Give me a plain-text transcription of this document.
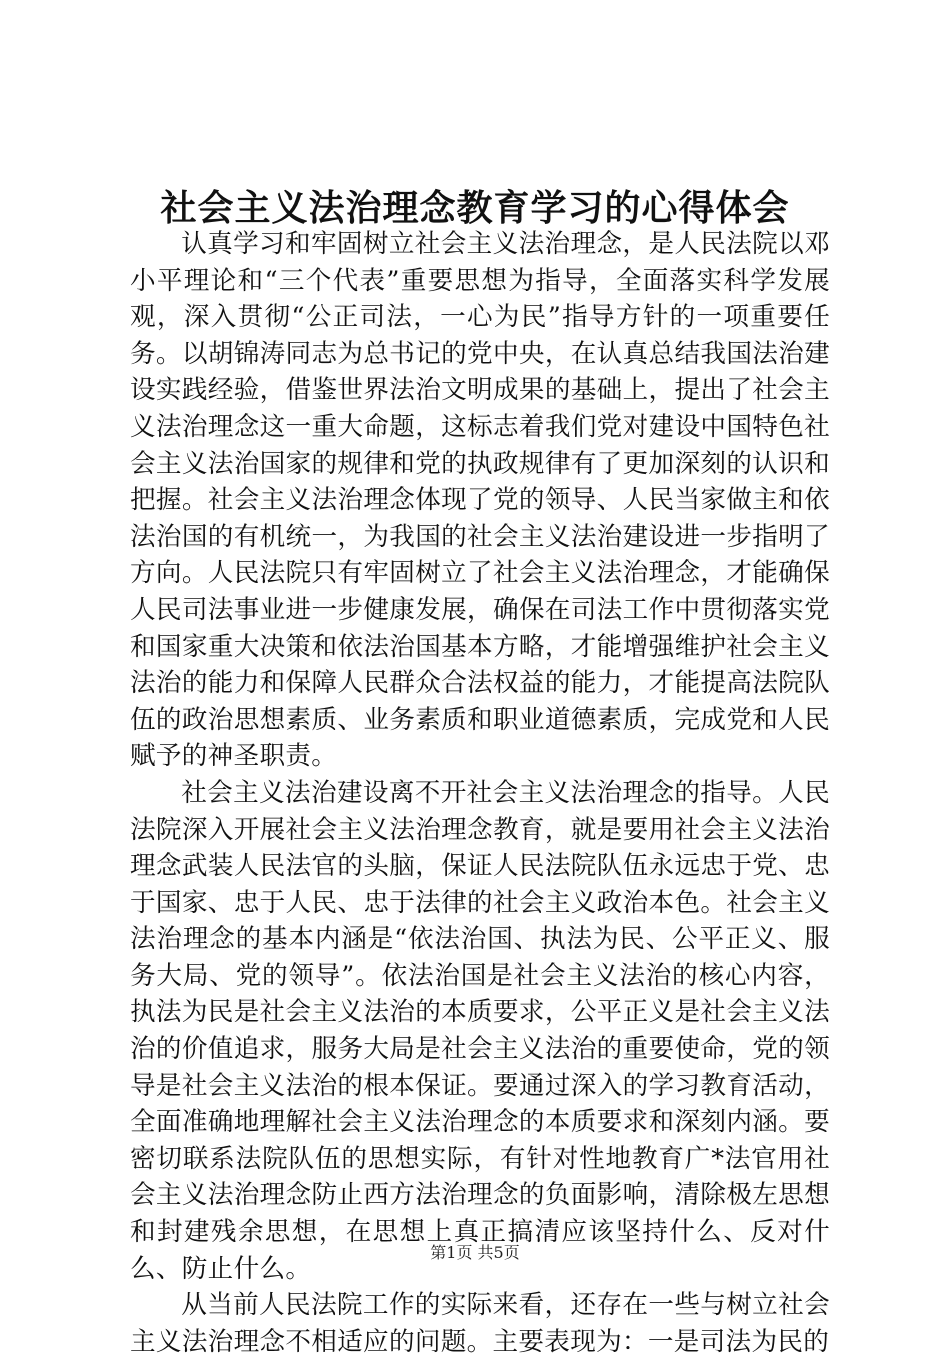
社会主义法治理念教育学习的心得体会

认真学习和牢固树立社会主义法治理念，是人民法院以邓小平理论和“三个代表”重要思想为指导，全面落实科学发展观，深入贯彻“公正司法，一心为民”指导方针的一项重要任务。以胡锦涛同志为总书记的党中央，在认真总结我国法治建设实践经验，借鉴世界法治文明成果的基础上，提出了社会主义法治理念这一重大命题，这标志着我们党对建设中国特色社会主义法治国家的规律和党的执政规律有了更加深刻的认识和把握。社会主义法治理念体现了党的领导、人民当家做主和依法治国的有机统一，为我国的社会主义法治建设进一步指明了方向。人民法院只有牢固树立了社会主义法治理念，才能确保人民司法事业进一步健康发展，确保在司法工作中贯彻落实党和国家重大决策和依法治国基本方略，才能增强维护社会主义法治的能力和保障人民群众合法权益的能力，才能提高法院队伍的政治思想素质、业务素质和职业道德素质，完成党和人民赋予的神圣职责。

社会主义法治建设离不开社会主义法治理念的指导。人民法院深入开展社会主义法治理念教育，就是要用社会主义法治理念武装人民法官的头脑，保证人民法院队伍永远忠于党、忠于国家、忠于人民、忠于法律的社会主义政治本色。社会主义法治理念的基本内涵是“依法治国、执法为民、公平正义、服务大局、党的领导”。依法治国是社会主义法治的核心内容，执法为民是社会主义法治的本质要求，公平正义是社会主义法治的价值追求，服务大局是社会主义法治的重要使命，党的领导是社会主义法治的根本保证。要通过深入的学习教育活动，全面准确地理解社会主义法治理念的本质要求和深刻内涵。要密切联系法院队伍的思想实际，有针对性地教育广*法官用社会主义法治理念防止西方法治理念的负面影响，清除极左思想和封建残余思想，在思想上真正搞清应该坚持什么、反对什么、防止什么。

从当前人民法院工作的实际来看，还存在一些与树立社会主义法治理念不相适应的问题。主要表现为：一是司法为民的

第1页 共5页
